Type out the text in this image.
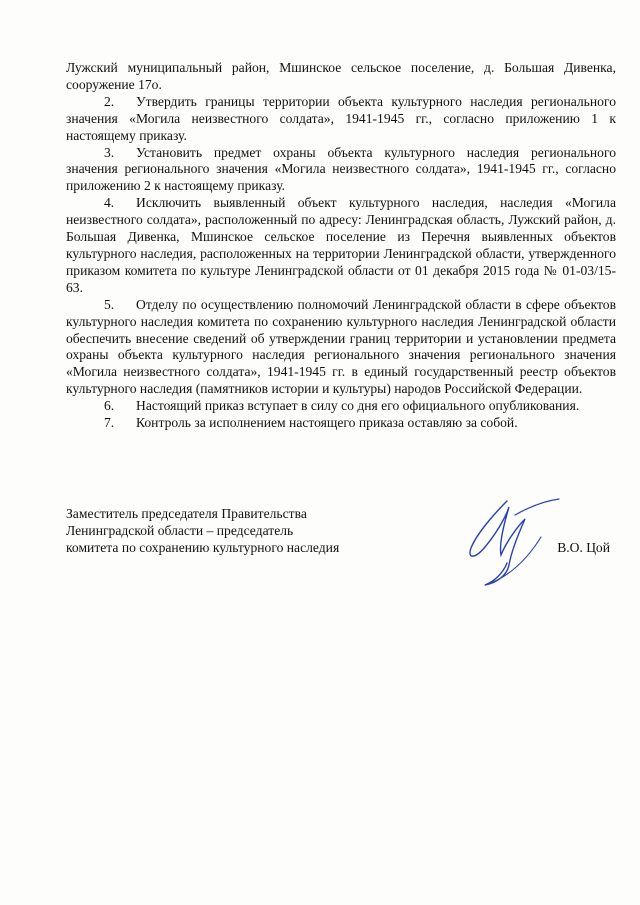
Лужский муниципальный район, Мшинское сельское поселение, д. Большая Дивенка, сооружение 17о.

2. Утвердить границы территории объекта культурного наследия регионального значения «Могила неизвестного солдата», 1941-1945 гг., согласно приложению 1 к настоящему приказу.

3. Установить предмет охраны объекта культурного наследия регионального значения регионального значения «Могила неизвестного солдата», 1941-1945 гг., согласно приложению 2 к настоящему приказу.

4. Исключить выявленный объект культурного наследия, наследия «Могила неизвестного солдата», расположенный по адресу: Ленинградская область, Лужский район, д. Большая Дивенка, Мшинское сельское поселение из Перечня выявленных объектов культурного наследия, расположенных на территории Ленинградской области, утвержденного приказом комитета по культуре Ленинградской области от 01 декабря 2015 года № 01-03/15-63.

5. Отделу по осуществлению полномочий Ленинградской области в сфере объектов культурного наследия комитета по сохранению культурного наследия Ленинградской области обеспечить внесение сведений об утверждении границ территории и установлении предмета охраны объекта культурного наследия регионального значения регионального значения «Могила неизвестного солдата», 1941-1945 гг. в единый государственный реестр объектов культурного наследия (памятников истории и культуры) народов Российской Федерации.

6. Настоящий приказ вступает в силу со дня его официального опубликования.

7. Контроль за исполнением настоящего приказа оставляю за собой.

Заместитель председателя Правительства
Ленинградской области – председатель
комитета по сохранению культурного наследия	В.О. Цой
